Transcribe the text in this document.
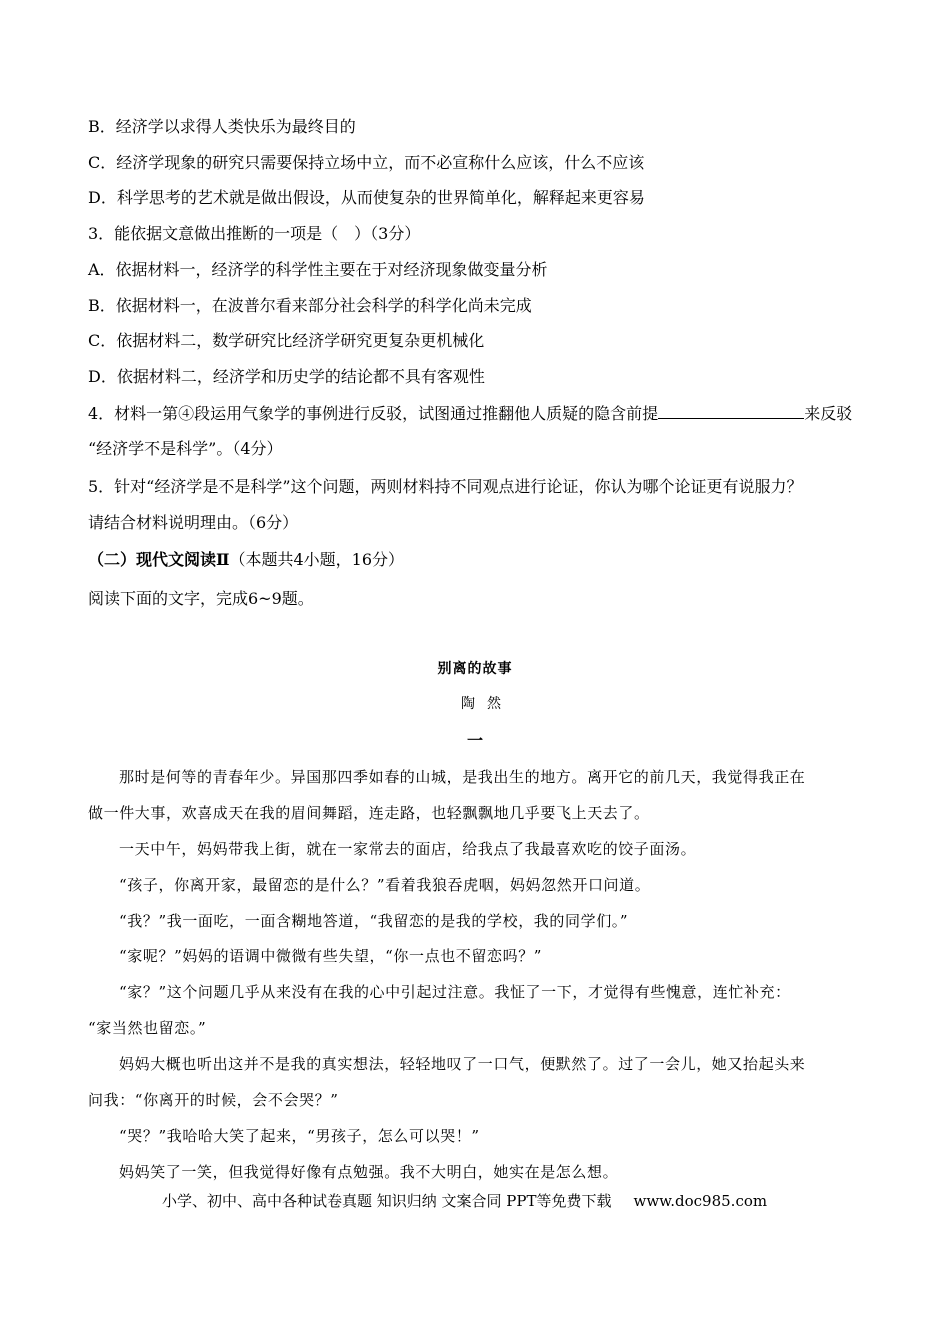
B．经济学以求得人类快乐为最终目的
C．经济学现象的研究只需要保持立场中立，而不必宣称什么应该，什么不应该
D．科学思考的艺术就是做出假设，从而使复杂的世界简单化，解释起来更容易
3．能依据文意做出推断的一项是（　）（3分）
A．依据材料一，经济学的科学性主要在于对经济现象做变量分析
B．依据材料一，在波普尔看来部分社会科学的科学化尚未完成
C．依据材料二，数学研究比经济学研究更复杂更机械化
D．依据材料二，经济学和历史学的结论都不具有客观性
4．材料一第④段运用气象学的事例进行反驳，试图通过推翻他人质疑的隐含前提	来反驳
“经济学不是科学”。（4分）
5．针对“经济学是不是科学”这个问题，两则材料持不同观点进行论证，你认为哪个论证更有说服力？
请结合材料说明理由。（6分）
（二）现代文阅读Ⅱ（本题共4小题，16分）
阅读下面的文字，完成6~9题。
别离的故事
陶然
一
那时是何等的青春年少。异国那四季如春的山城，是我出生的地方。离开它的前几天，我觉得我正在
做一件大事，欢喜成天在我的眉间舞蹈，连走路，也轻飘飘地几乎要飞上天去了。
一天中午，妈妈带我上街，就在一家常去的面店，给我点了我最喜欢吃的饺子面汤。
“孩子，你离开家，最留恋的是什么？”看着我狼吞虎咽，妈妈忽然开口问道。
“我？”我一面吃，一面含糊地答道，“我留恋的是我的学校，我的同学们。”
“家呢？”妈妈的语调中微微有些失望，“你一点也不留恋吗？”
“家？”这个问题几乎从来没有在我的心中引起过注意。我怔了一下，才觉得有些愧意，连忙补充：
“家当然也留恋。”
妈妈大概也听出这并不是我的真实想法，轻轻地叹了一口气，便默然了。过了一会儿，她又抬起头来
问我：“你离开的时候，会不会哭？”
“哭？”我哈哈大笑了起来，“男孩子，怎么可以哭！”
妈妈笑了一笑，但我觉得好像有点勉强。我不大明白，她实在是怎么想。
小学、初中、高中各种试卷真题 知识归纳 文案合同 PPT等免费下载 www.doc985.com
